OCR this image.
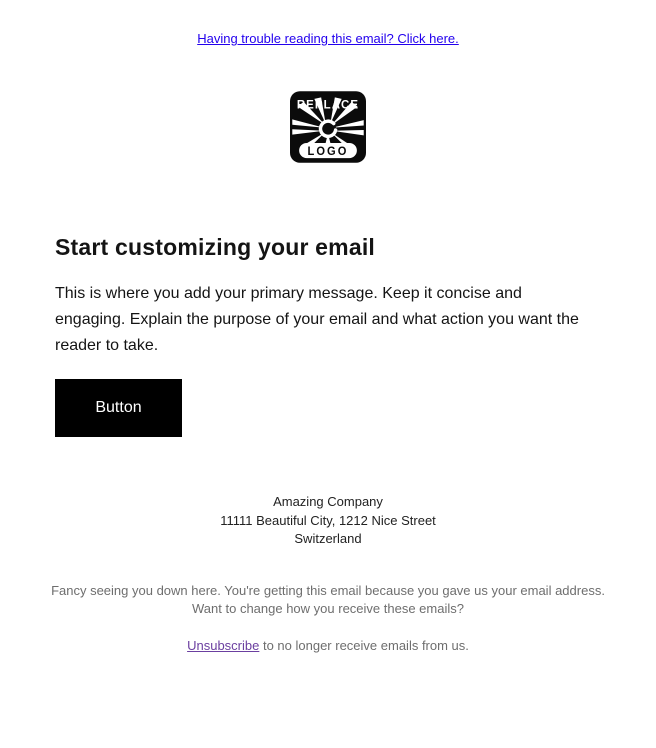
Having trouble reading this email? Click here.
REPLACE
LOGO
Start customizing your email

This is where you add your primary message. Keep it concise and engaging. Explain the purpose of your email and what action you want the reader to take.

Button
Amazing Company
11111 Beautiful City, 1212 Nice Street
Switzerland
Fancy seeing you down here. You're getting this email because you gave us your email address.
Want to change how you receive these emails?
Unsubscribe to no longer receive emails from us.
